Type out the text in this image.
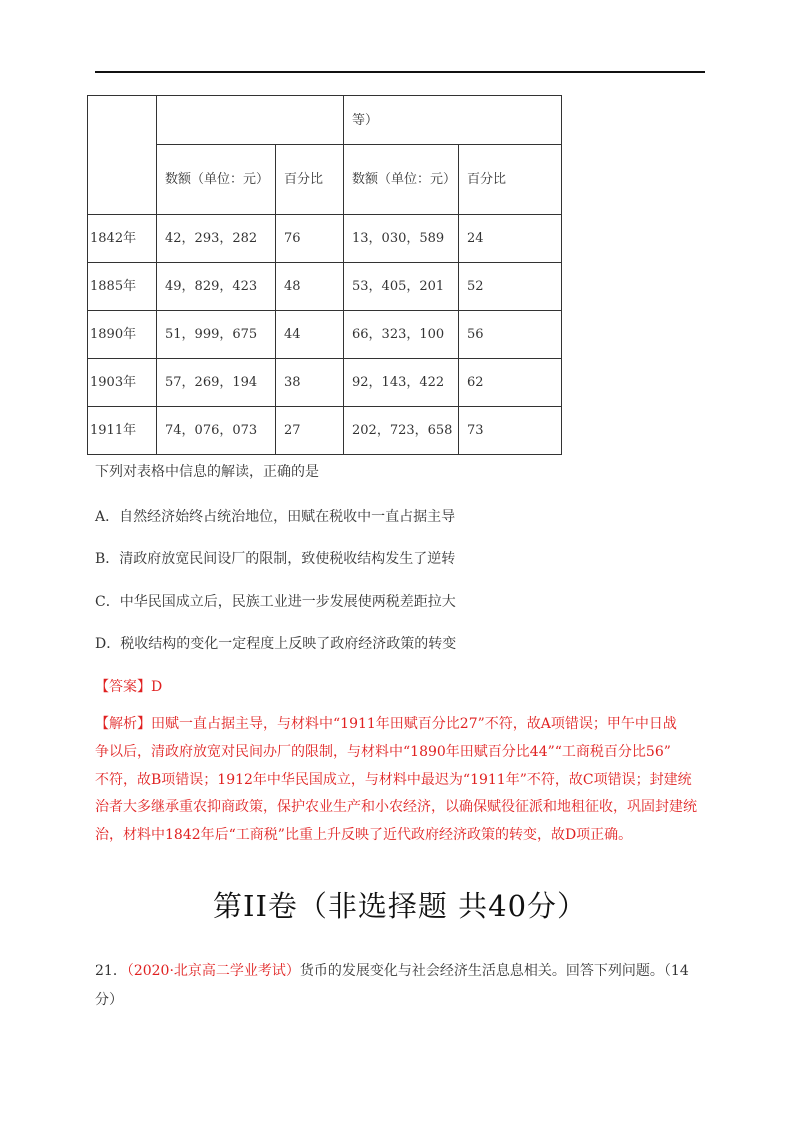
			等）	
	数额（单位：元）	百分比	数额（单位：元）	百分比
1842年	42，293，282	76	13，030，589	24
1885年	49，829，423	48	53，405，201	52
1890年	51，999，675	44	66，323，100	56
1903年	57，269，194	38	92，143，422	62
1911年	74，076，073	27	202，723，658	73
下列对表格中信息的解读，正确的是
A．自然经济始终占统治地位，田赋在税收中一直占据主导
B．清政府放宽民间设厂的限制，致使税收结构发生了逆转
C．中华民国成立后，民族工业进一步发展使两税差距拉大
D．税收结构的变化一定程度上反映了政府经济政策的转变
【答案】D
【解析】田赋一直占据主导，与材料中“1911年田赋百分比27”不符，故A项错误；甲午中日战
争以后，清政府放宽对民间办厂的限制，与材料中“1890年田赋百分比44”“工商税百分比56”
不符，故B项错误；1912年中华民国成立，与材料中最迟为“1911年”不符，故C项错误；封建统
治者大多继承重农抑商政策，保护农业生产和小农经济，以确保赋役征派和地租征收，巩固封建统
治，材料中1842年后“工商税”比重上升反映了近代政府经济政策的转变，故D项正确。
第II卷（非选择题 共40分）
21．（2020·北京高二学业考试）货币的发展变化与社会经济生活息息相关。回答下列问题。（14
分）
